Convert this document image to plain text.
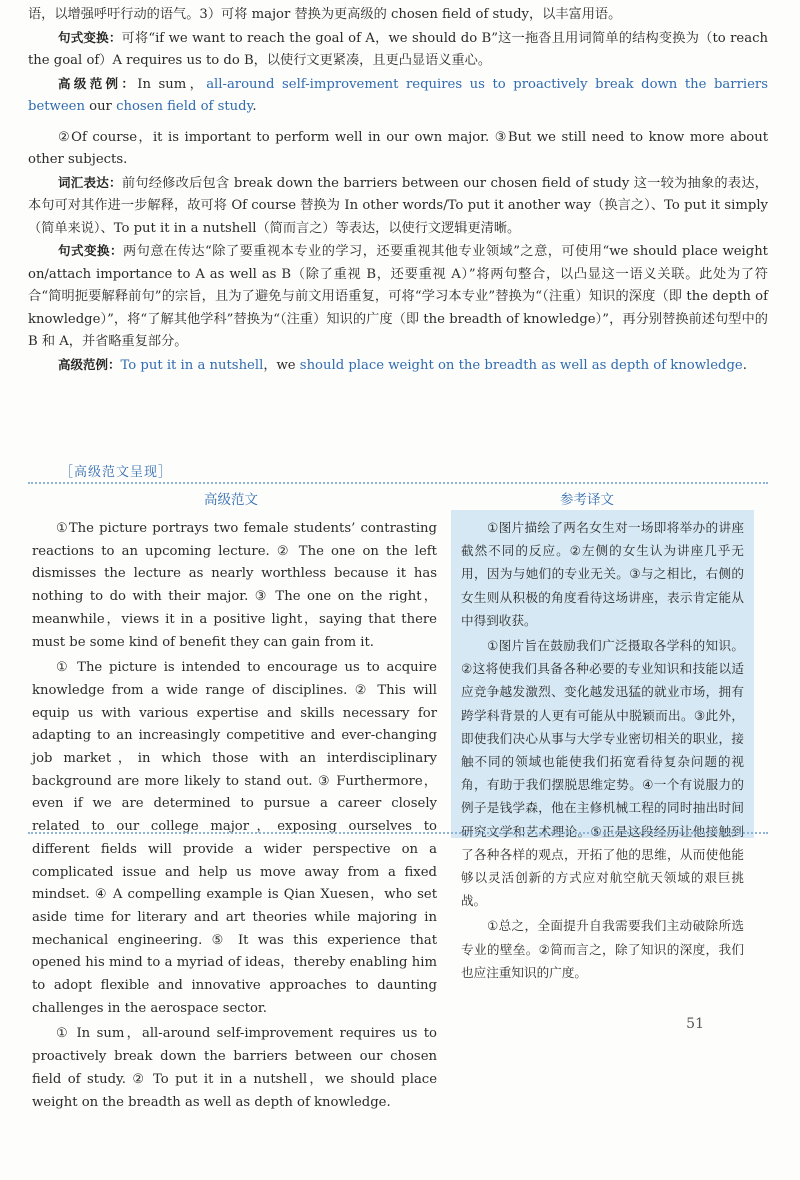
语，以增强呼吁行动的语气。3）可将 major 替换为更高级的 chosen field of study，以丰富用语。

句式变换：可将“if we want to reach the goal of A，we should do B”这一拖沓且用词简单的结构变换为（to reach the goal of）A requires us to do B，以使行文更紧凑，且更凸显语义重心。

高级范例：In sum，all-around self-improvement requires us to proactively break down the barriers between our chosen field of study.

②Of course，it is important to perform well in our own major. ③But we still need to know more about other subjects.

词汇表达：前句经修改后包含 break down the barriers between our chosen field of study 这一较为抽象的表达，本句可对其作进一步解释，故可将 Of course 替换为 In other words/To put it another way（换言之）、To put it simply（简单来说）、To put it in a nutshell（简而言之）等表达，以使行文逻辑更清晰。

句式变换：两句意在传达“除了要重视本专业的学习，还要重视其他专业领域”之意，可使用“we should place weight on/attach importance to A as well as B（除了重视 B，还要重视 A）”将两句整合，以凸显这一语义关联。此处为了符合“简明扼要解释前句”的宗旨，且为了避免与前文用语重复，可将“学习本专业”替换为“（注重）知识的深度（即 the depth of knowledge）”，将“了解其他学科”替换为“（注重）知识的广度（即 the breadth of knowledge）”，再分别替换前述句型中的 B 和 A，并省略重复部分。

高级范例：To put it in a nutshell，we should place weight on the breadth as well as depth of knowledge.

［高级范文呈现］
高级范文	参考译文

①The picture portrays two female students’ contrasting reactions to an upcoming lecture. ② The one on the left dismisses the lecture as nearly worthless because it has nothing to do with their major. ③ The one on the right，meanwhile，views it in a positive light，saying that there must be some kind of benefit they can gain from it.

① The picture is intended to encourage us to acquire knowledge from a wide range of disciplines. ② This will equip us with various expertise and skills necessary for adapting to an increasingly competitive and ever-changing job market，in which those with an interdisciplinary background are more likely to stand out. ③ Furthermore，even if we are determined to pursue a career closely related to our college major，exposing ourselves to different fields will provide a wider perspective on a complicated issue and help us move away from a fixed mindset. ④ A compelling example is Qian Xuesen，who set aside time for literary and art theories while majoring in mechanical engineering. ⑤ It was this experience that opened his mind to a myriad of ideas，thereby enabling him to adopt flexible and innovative approaches to daunting challenges in the aerospace sector.

① In sum，all-around self-improvement requires us to proactively break down the barriers between our chosen field of study. ② To put it in a nutshell，we should place weight on the breadth as well as depth of knowledge.

①图片描绘了两名女生对一场即将举办的讲座截然不同的反应。②左侧的女生认为讲座几乎无用，因为与她们的专业无关。③与之相比，右侧的女生则从积极的角度看待这场讲座，表示肯定能从中得到收获。

①图片旨在鼓励我们广泛摄取各学科的知识。②这将使我们具备各种必要的专业知识和技能以适应竞争越发激烈、变化越发迅猛的就业市场，拥有跨学科背景的人更有可能从中脱颖而出。③此外，即使我们决心从事与大学专业密切相关的职业，接触不同的领域也能使我们拓宽看待复杂问题的视角，有助于我们摆脱思维定势。④一个有说服力的例子是钱学森，他在主修机械工程的同时抽出时间研究文学和艺术理论。⑤正是这段经历让他接触到了各种各样的观点，开拓了他的思维，从而使他能够以灵活创新的方式应对航空航天领域的艰巨挑战。

①总之，全面提升自我需要我们主动破除所选专业的壁垒。②简而言之，除了知识的深度，我们也应注重知识的广度。

51
